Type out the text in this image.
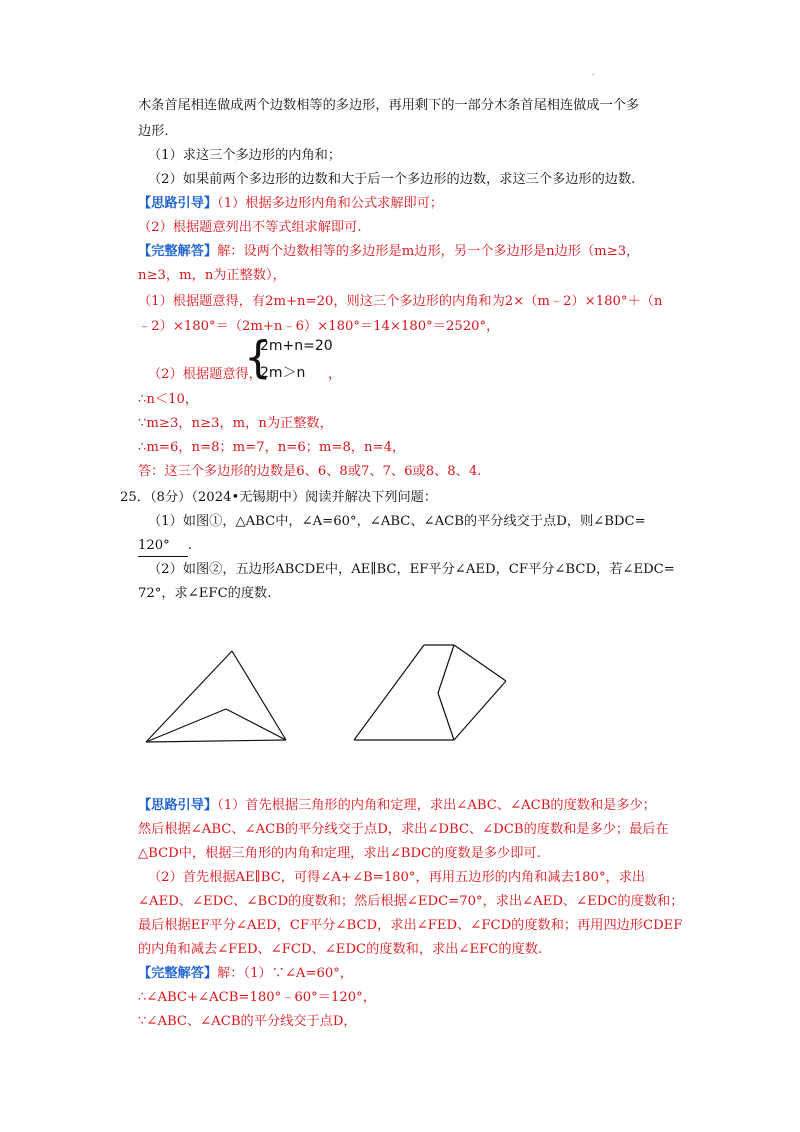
.
木条首尾相连做成两个边数相等的多边形，再用剩下的一部分木条首尾相连做成一个多
边形.
（1）求这三个多边形的内角和；
（2）如果前两个多边形的边数和大于后一个多边形的边数，求这三个多边形的边数.
【思路引导】（1）根据多边形内角和公式求解即可；
（2）根据题意列出不等式组求解即可.
【完整解答】解：设两个边数相等的多边形是m边形，另一个多边形是n边形（m≥3，
n≥3，m，n为正整数），
（1）根据题意得，有2m+n=20，则这三个多边形的内角和为2×（m﹣2）×180°＋（n
﹣2）×180°＝（2m+n﹣6）×180°＝14×180°＝2520°，
{
2m+n=20
2m＞n
（2）根据题意得，	，
∴n＜10，
∵m≥3，n≥3，m，n为正整数，
∴m=6，n=8；m=7，n=6；m=8，n=4，
答：这三个多边形的边数是6、6、8或7、7、6或8、8、4.
25．（8分）（2024•无锡期中）阅读并解决下列问题：
（1）如图①，△ABC中，∠A=60°，∠ABC、∠ACB的平分线交于点D，则∠BDC=
120° .
（2）如图②，五边形ABCDE中，AE∥BC，EF平分∠AED，CF平分∠BCD，若∠EDC=
72°，求∠EFC的度数.
【思路引导】（1）首先根据三角形的内角和定理，求出∠ABC、∠ACB的度数和是多少；
然后根据∠ABC、∠ACB的平分线交于点D，求出∠DBC、∠DCB的度数和是多少；最后在
△BCD中，根据三角形的内角和定理，求出∠BDC的度数是多少即可.
（2）首先根据AE∥BC，可得∠A+∠B=180°，再用五边形的内角和减去180°，求出
∠AED、∠EDC、∠BCD的度数和；然后根据∠EDC=70°，求出∠AED、∠EDC的度数和；
最后根据EF平分∠AED，CF平分∠BCD，求出∠FED、∠FCD的度数和；再用四边形CDEF
的内角和减去∠FED、∠FCD、∠EDC的度数和，求出∠EFC的度数.
【完整解答】解：（1）∵∠A=60°，
∴∠ABC+∠ACB=180°﹣60°＝120°，
∵∠ABC、∠ACB的平分线交于点D，
